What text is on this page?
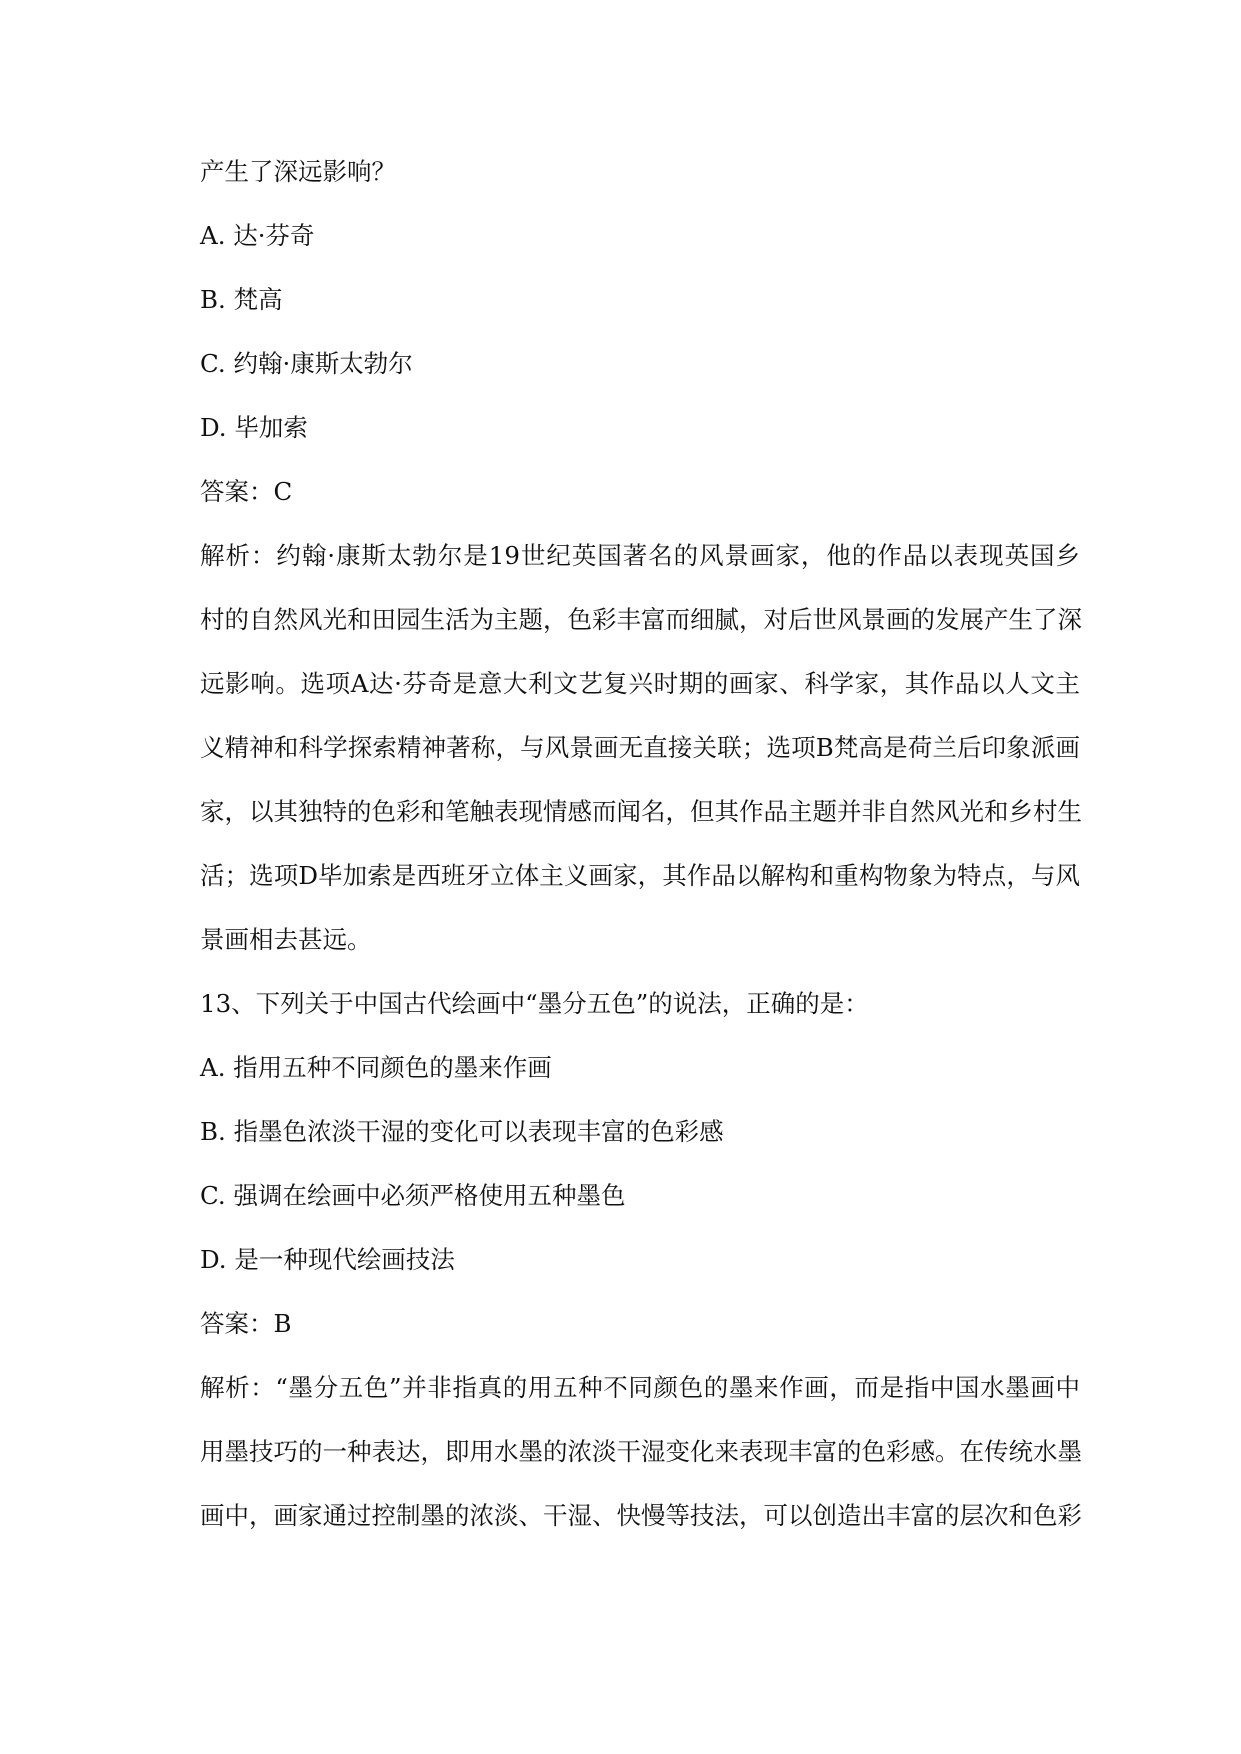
产生了深远影响？

A. 达·芬奇

B. 梵高

C. 约翰·康斯太勃尔

D. 毕加索

答案：C

解析：约翰·康斯太勃尔是19世纪英国著名的风景画家，他的作品以表现英国乡

村的自然风光和田园生活为主题，色彩丰富而细腻，对后世风景画的发展产生了深

远影响。选项A达·芬奇是意大利文艺复兴时期的画家、科学家，其作品以人文主

义精神和科学探索精神著称，与风景画无直接关联；选项B梵高是荷兰后印象派画

家，以其独特的色彩和笔触表现情感而闻名，但其作品主题并非自然风光和乡村生

活；选项D毕加索是西班牙立体主义画家，其作品以解构和重构物象为特点，与风

景画相去甚远。

13、下列关于中国古代绘画中“墨分五色”的说法，正确的是：

A. 指用五种不同颜色的墨来作画

B. 指墨色浓淡干湿的变化可以表现丰富的色彩感

C. 强调在绘画中必须严格使用五种墨色

D. 是一种现代绘画技法

答案：B

解析：“墨分五色”并非指真的用五种不同颜色的墨来作画，而是指中国水墨画中

用墨技巧的一种表达，即用水墨的浓淡干湿变化来表现丰富的色彩感。在传统水墨

画中，画家通过控制墨的浓淡、干湿、快慢等技法，可以创造出丰富的层次和色彩
